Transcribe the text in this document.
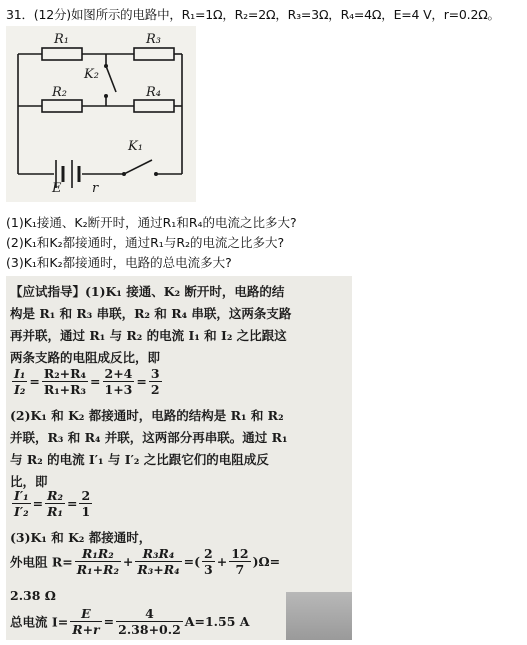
31．(12分)如图所示的电路中，R₁=1Ω，R₂=2Ω，R₃=3Ω，R₄=4Ω，E=4 V，r=0.2Ω。
R₁	R₃
R₂	R₄
K₂
K₁
E r
(1)K₁接通、K₂断开时，通过R₁和R₄的电流之比多大?
(2)K₁和K₂都接通时，通过R₁与R₂的电流之比多大?
(3)K₁和K₂都接通时，电路的总电流多大?
【应试指导】(1)K₁ 接通、K₂ 断开时，电路的结
构是 R₁ 和 R₃ 串联，R₂ 和 R₄ 串联，这两条支路
再并联，通过 R₁ 与 R₂ 的电流 I₁ 和 I₂ 之比跟这
两条支路的电阻成反比，即
$\frac{\text{I₁}}{\text{I₂}} = \frac{\text{R₂+R₄}}{\text{R₁+R₃}} = \frac{2+4}{1+3} = \frac{3}{2}$
(2)K₁ 和 K₂ 都接通时，电路的结构是 R₁ 和 R₂
并联，R₃ 和 R₄ 并联，这两部分再串联。通过 R₁
与 R₂ 的电流 I′₁ 与 I′₂ 之比跟它们的电阻成反
比，即
$\frac{\text{I′₁}}{\text{I′₂}} = \frac{\text{R₂}}{\text{R₁}} = \frac{2}{1}$
(3)K₁ 和 K₂ 都接通时，
外电阻 $R= \frac{\text{R₁R₂}}{\text{R₁+R₂}} + \frac{\text{R₃R₄}}{\text{R₃+R₄}}$ =( $\frac{2}{3} + \frac{12}{7} )\Omega=$
2.38 Ω
总电流 $I= \frac{E}{R+r} = \frac{4}{2.38+0.2} A=1.55$ A
